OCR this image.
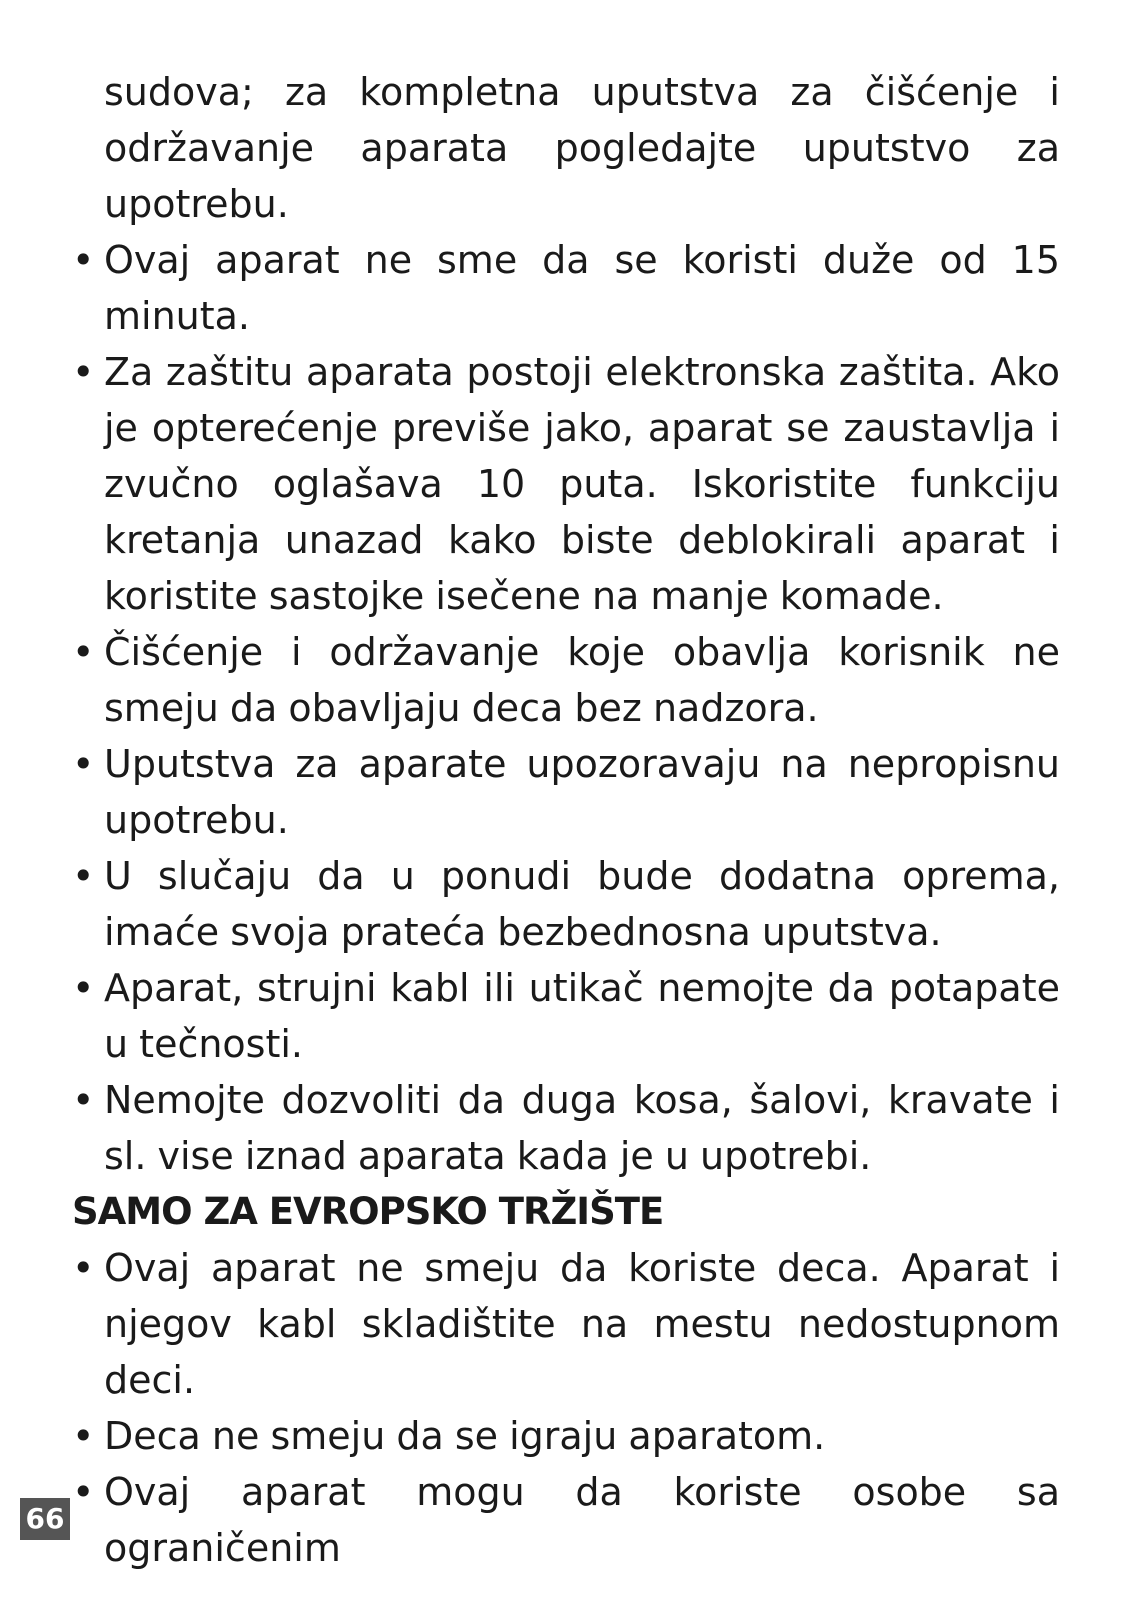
sudova; za kompletna uputstva za čišćenje i održavanje aparata pogledajte uputstvo za upotrebu.
• Ovaj aparat ne sme da se koristi duže od 15 minuta.
• Za zaštitu aparata postoji elektronska zaštita. Ako je opterećenje previše jako, aparat se zaustavlja i zvučno oglašava 10 puta. Iskoristite funkciju kretanja unazad kako biste deblokirali aparat i koristite sastojke isečene na manje komade.
• Čišćenje i održavanje koje obavlja korisnik ne smeju da obavljaju deca bez nadzora.
• Uputstva za aparate upozoravaju na nepropisnu upotrebu.
• U slučaju da u ponudi bude dodatna oprema, imaće svoja prateća bezbednosna uputstva.
• Aparat, strujni kabl ili utikač nemojte da potapate u tečnosti.
• Nemojte dozvoliti da duga kosa, šalovi, kravate i sl. vise iznad aparata kada je u upotrebi.
SAMO ZA EVROPSKO TRŽIŠTE
• Ovaj aparat ne smeju da koriste deca. Aparat i njegov kabl skladištite na mestu nedostupnom deci.
• Deca ne smeju da se igraju aparatom.
• Ovaj aparat mogu da koriste osobe sa ograničenim
66
